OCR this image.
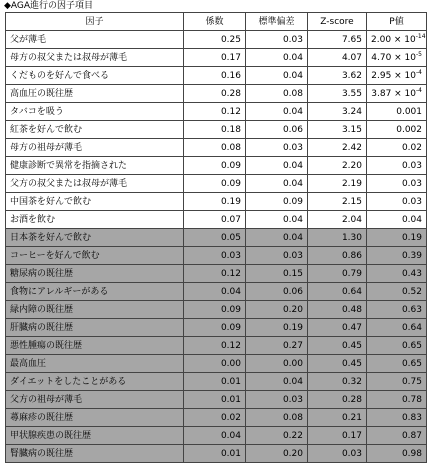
◆AGA進行の因子項目
因子	係数	標準偏差	Z-score	P値
父が薄毛	0.25	0.03	7.65	$2.00 \times 10^{-14}$
母方の叔父または叔母が薄毛	0.17	0.04	4.07	$4.70 \times 10^{-5}$
くだものを好んで食べる	0.16	0.04	3.62	$2.95 \times 10^{-4}$
高血圧の既往歴	0.28	0.08	3.55	$3.87 \times 10^{-4}$
タバコを吸う	0.12	0.04	3.24	0.001
紅茶を好んで飲む	0.18	0.06	3.15	0.002
母方の祖母が薄毛	0.08	0.03	2.42	0.02
健康診断で異常を指摘された	0.09	0.04	2.20	0.03
父方の叔父または叔母が薄毛	0.09	0.04	2.19	0.03
中国茶を好んで飲む	0.19	0.09	2.15	0.03
お酒を飲む	0.07	0.04	2.04	0.04
日本茶を好んで飲む	0.05	0.04	1.30	0.19
コーヒーを好んで飲む	0.03	0.03	0.86	0.39
糖尿病の既往歴	0.12	0.15	0.79	0.43
食物にアレルギーがある	0.04	0.06	0.64	0.52
緑内障の既往歴	0.09	0.20	0.48	0.63
肝臓病の既往歴	0.09	0.19	0.47	0.64
悪性腫瘍の既往歴	0.12	0.27	0.45	0.65
最高血圧	0.00	0.00	0.45	0.65
ダイエットをしたことがある	0.01	0.04	0.32	0.75
父方の祖母が薄毛	0.01	0.03	0.28	0.78
蕁麻疹の既往歴	0.02	0.08	0.21	0.83
甲状腺疾患の既往歴	0.04	0.22	0.17	0.87
腎臓病の既往歴	0.01	0.20	0.03	0.98
